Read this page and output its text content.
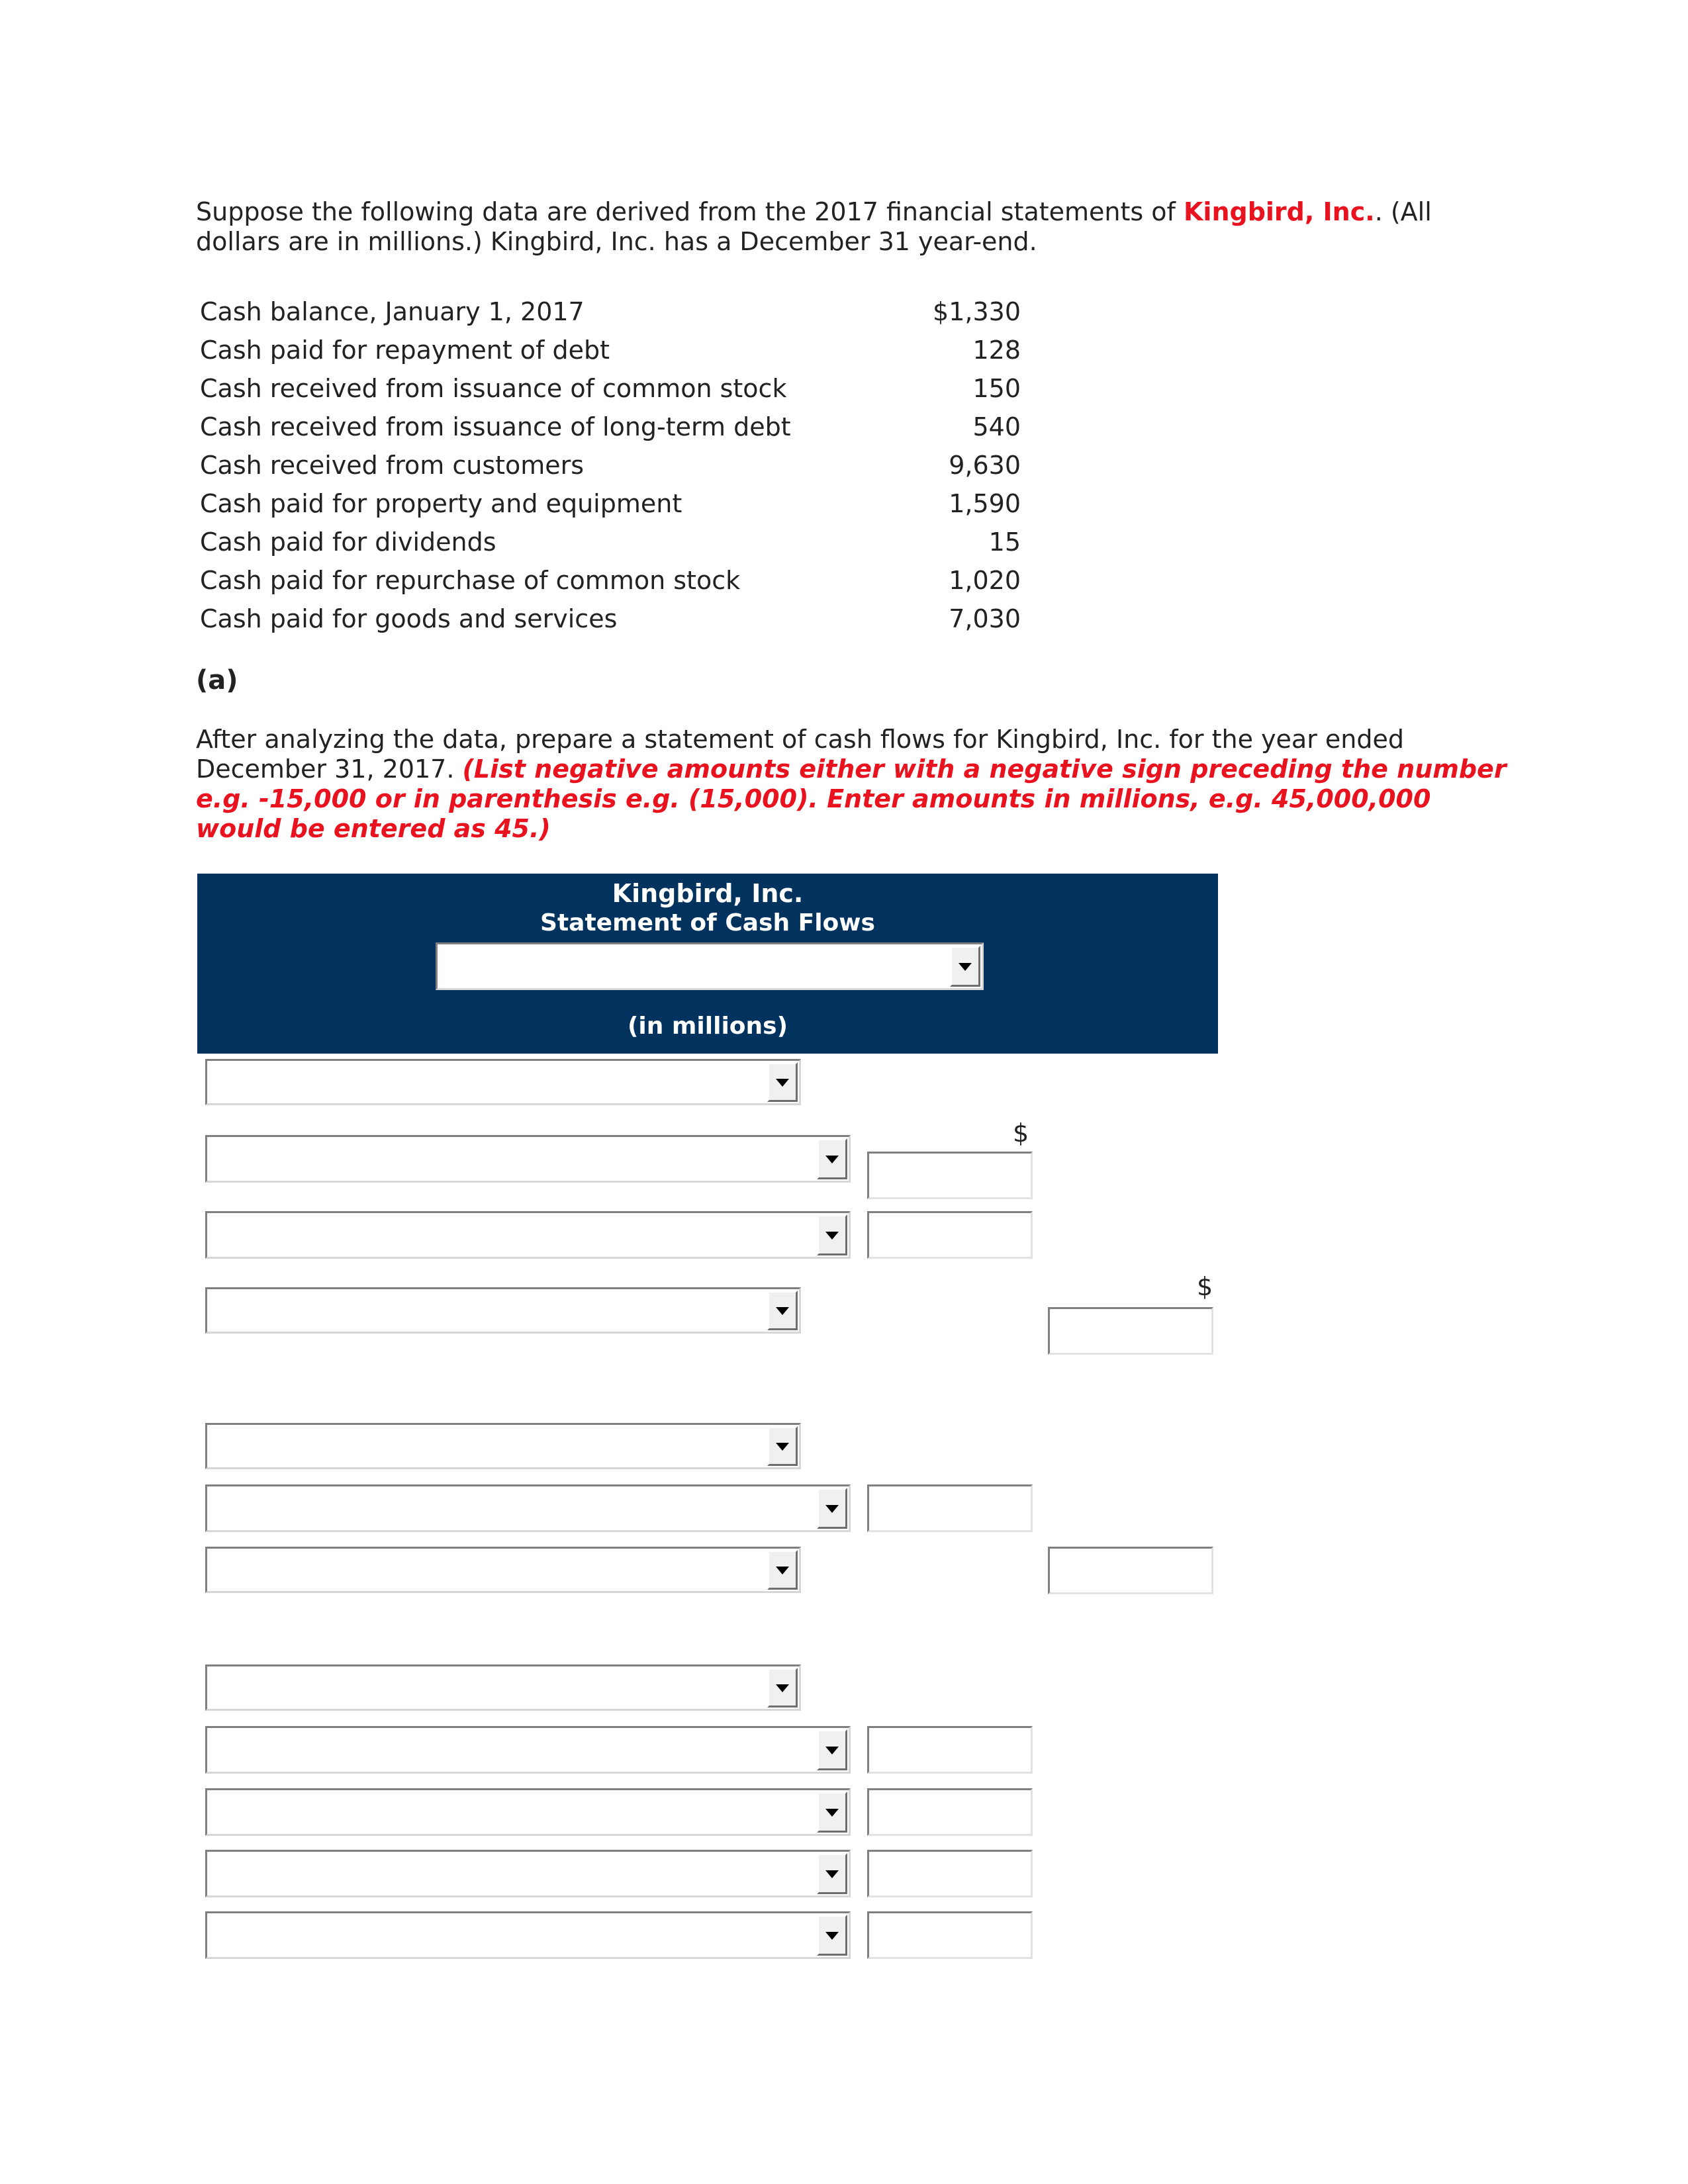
Suppose the following data are derived from the 2017 financial statements of Kingbird, Inc.. (All dollars are in millions.) Kingbird, Inc. has a December 31 year-end.
Cash balance, January 1, 2017	$1,330
Cash paid for repayment of debt	128
Cash received from issuance of common stock	150
Cash received from issuance of long-term debt	540
Cash received from customers	9,630
Cash paid for property and equipment	1,590
Cash paid for dividends	15
Cash paid for repurchase of common stock	1,020
Cash paid for goods and services	7,030
(a)
After analyzing the data, prepare a statement of cash flows for Kingbird, Inc. for the year ended December 31, 2017. (List negative amounts either with a negative sign preceding the number e.g. -15,000 or in parenthesis e.g. (15,000). Enter amounts in millions, e.g. 45,000,000 would be entered as 45.)
Kingbird, Inc.
Statement of Cash Flows
(in millions)
$
$
